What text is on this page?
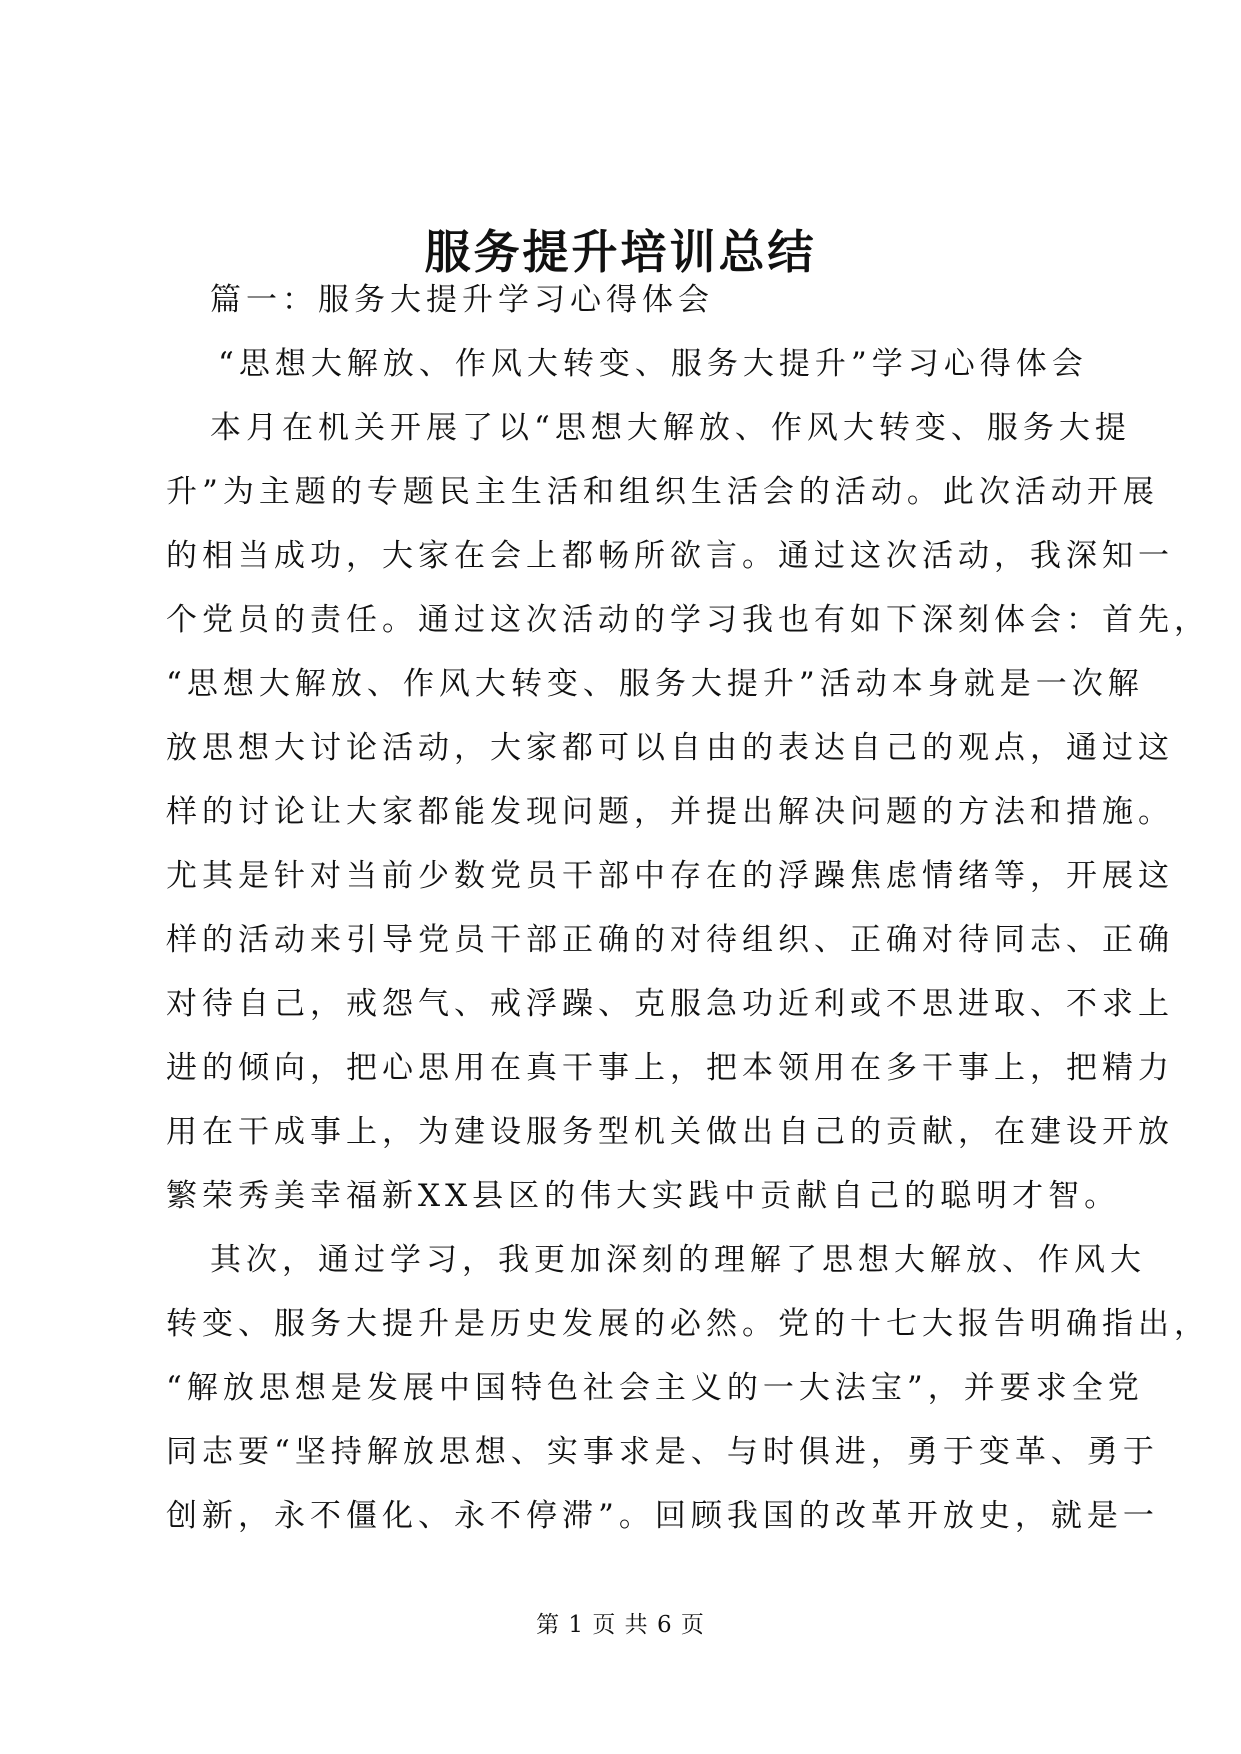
服务提升培训总结
篇一：服务大提升学习心得体会
“思想大解放、作风大转变、服务大提升”学习心得体会
本月在机关开展了以“思想大解放、作风大转变、服务大提
升”为主题的专题民主生活和组织生活会的活动。此次活动开展
的相当成功，大家在会上都畅所欲言。通过这次活动，我深知一
个党员的责任。通过这次活动的学习我也有如下深刻体会：首先，
“思想大解放、作风大转变、服务大提升”活动本身就是一次解
放思想大讨论活动，大家都可以自由的表达自己的观点，通过这
样的讨论让大家都能发现问题，并提出解决问题的方法和措施。
尤其是针对当前少数党员干部中存在的浮躁焦虑情绪等，开展这
样的活动来引导党员干部正确的对待组织、正确对待同志、正确
对待自己，戒怨气、戒浮躁、克服急功近利或不思进取、不求上
进的倾向，把心思用在真干事上，把本领用在多干事上，把精力
用在干成事上，为建设服务型机关做出自己的贡献，在建设开放
繁荣秀美幸福新XX县区的伟大实践中贡献自己的聪明才智。
其次，通过学习，我更加深刻的理解了思想大解放、作风大
转变、服务大提升是历史发展的必然。党的十七大报告明确指出，
“解放思想是发展中国特色社会主义的一大法宝”，并要求全党
同志要“坚持解放思想、实事求是、与时俱进，勇于变革、勇于
创新，永不僵化、永不停滞”。回顾我国的改革开放史，就是一
第 1 页 共 6 页
